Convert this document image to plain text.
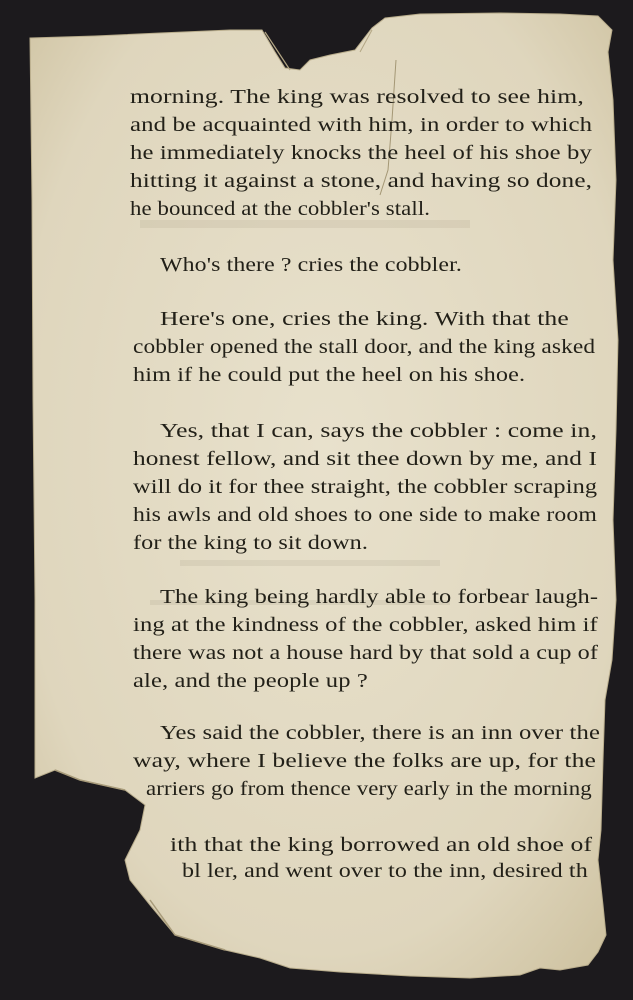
morning. The king was resolved to see him,
and be acquainted with him, in order to which
he immediately knocks the heel of his shoe by
hitting it against a stone, and having so done,
he bounced at the cobbler's stall.
Who's there ? cries the cobbler.
Here's one, cries the king. With that the
cobbler opened the stall door, and the king asked
him if he could put the heel on his shoe.
Yes, that I can, says the cobbler : come in,
honest fellow, and sit thee down by me, and I
will do it for thee straight, the cobbler scraping
his awls and old shoes to one side to make room
for the king to sit down.
The king being hardly able to forbear laugh-
ing at the kindness of the cobbler, asked him if
there was not a house hard by that sold a cup of
ale, and the people up ?
Yes said the cobbler, there is an inn over the
way, where I believe the folks are up, for the
arriers go from thence very early in the morning
ith that the king borrowed an old shoe of
bl ler, and went over to the inn, desired th
